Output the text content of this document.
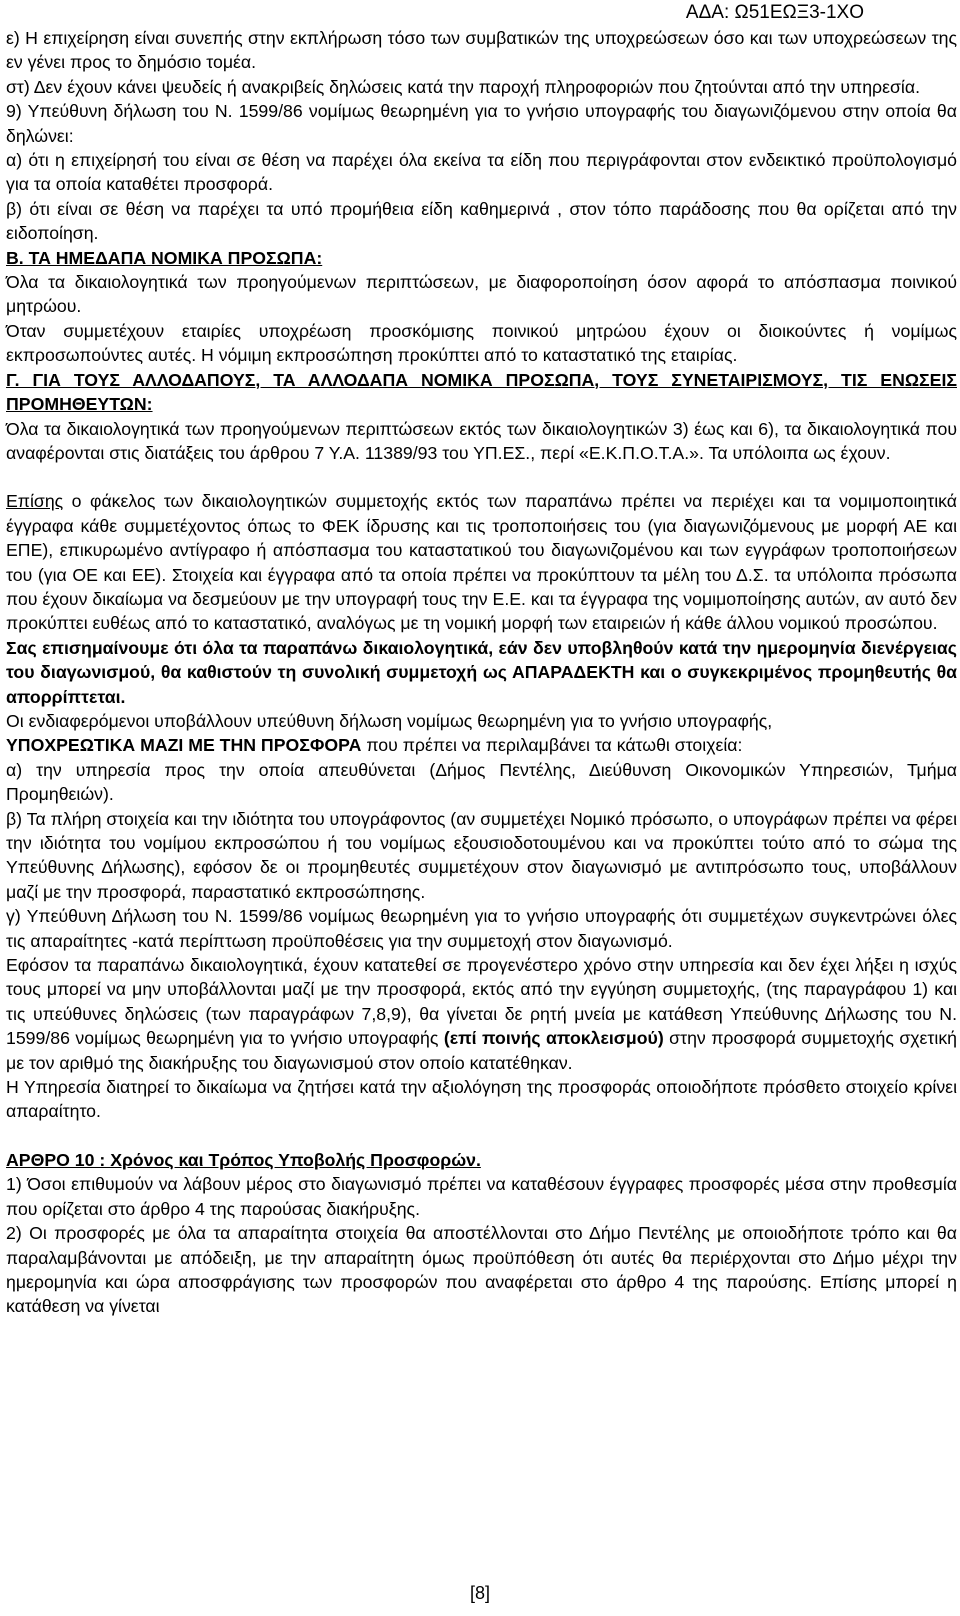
ΑΔΑ: Ω51ΕΩΞ3-1ΧΟ

ε) Η επιχείρηση είναι συνεπής στην εκπλήρωση τόσο των συμβατικών της υποχρεώσεων όσο και των υποχρεώσεων της εν γένει προς το δημόσιο τομέα.

στ) Δεν έχουν κάνει ψευδείς ή ανακριβείς δηλώσεις κατά την παροχή πληροφοριών που ζητούνται από την υπηρεσία.

9) Υπεύθυνη δήλωση του Ν. 1599/86 νομίμως θεωρημένη για το γνήσιο υπογραφής του διαγωνιζόμενου στην οποία θα δηλώνει:

α) ότι η επιχείρησή του είναι σε θέση να παρέχει όλα εκείνα τα είδη που περιγράφονται στον ενδεικτικό προϋπολογισμό για τα οποία καταθέτει προσφορά.

β) ότι είναι σε θέση να παρέχει τα υπό προμήθεια είδη καθημερινά , στον τόπο παράδοσης που θα ορίζεται από την ειδοποίηση.

Β. ΤΑ ΗΜΕΔΑΠΑ ΝΟΜΙΚΑ ΠΡΟΣΩΠΑ:

Όλα τα δικαιολογητικά των προηγούμενων περιπτώσεων, με διαφοροποίηση όσον αφορά το απόσπασμα ποινικού μητρώου.

Όταν συμμετέχουν εταιρίες υποχρέωση προσκόμισης ποινικού μητρώου έχουν οι διοικούντες ή νομίμως εκπροσωπούντες αυτές. Η νόμιμη εκπροσώπηση προκύπτει από το καταστατικό της εταιρίας.

Γ. ΓΙΑ ΤΟΥΣ ΑΛΛΟΔΑΠΟΥΣ, ΤΑ ΑΛΛΟΔΑΠΑ ΝΟΜΙΚΑ ΠΡΟΣΩΠΑ, ΤΟΥΣ ΣΥΝΕΤΑΙΡΙΣΜΟΥΣ, ΤΙΣ ΕΝΩΣΕΙΣ ΠΡΟΜΗΘΕΥΤΩΝ:

Όλα τα δικαιολογητικά των προηγούμενων περιπτώσεων εκτός των δικαιολογητικών 3) έως και 6), τα δικαιολογητικά που αναφέρονται στις διατάξεις του άρθρου 7 Υ.Α. 11389/93 του ΥΠ.ΕΣ., περί «Ε.Κ.Π.Ο.Τ.Α.». Τα υπόλοιπα ως έχουν.

Επίσης ο φάκελος των δικαιολογητικών συμμετοχής εκτός των παραπάνω πρέπει να περιέχει και τα νομιμοποιητικά έγγραφα κάθε συμμετέχοντος όπως το ΦΕΚ ίδρυσης και τις τροποποιήσεις του (για διαγωνιζόμενους με μορφή ΑΕ και ΕΠΕ), επικυρωμένο αντίγραφο ή απόσπασμα του καταστατικού του διαγωνιζομένου και των εγγράφων τροποποιήσεων του (για ΟΕ και ΕΕ). Στοιχεία και έγγραφα από τα οποία πρέπει να προκύπτουν τα μέλη του Δ.Σ. τα υπόλοιπα πρόσωπα που έχουν δικαίωμα να δεσμεύουν με την υπογραφή τους την Ε.Ε. και τα έγγραφα της νομιμοποίησης αυτών, αν αυτό δεν προκύπτει ευθέως από το καταστατικό, αναλόγως με τη νομική μορφή των εταιρειών ή κάθε άλλου νομικού προσώπου.

Σας επισημαίνουμε ότι όλα τα παραπάνω δικαιολογητικά, εάν δεν υποβληθούν κατά την ημερομηνία διενέργειας του διαγωνισμού, θα καθιστούν τη συνολική συμμετοχή ως ΑΠΑΡΑΔΕΚΤΗ και ο συγκεκριμένος προμηθευτής θα απορρίπτεται.

Οι ενδιαφερόμενοι υποβάλλουν υπεύθυνη δήλωση νομίμως θεωρημένη για το γνήσιο υπογραφής,

ΥΠΟΧΡΕΩΤΙΚΑ ΜΑΖΙ ΜΕ ΤΗΝ ΠΡΟΣΦΟΡΑ που πρέπει να περιλαμβάνει τα κάτωθι στοιχεία:

α) την υπηρεσία προς την οποία απευθύνεται (Δήμος Πεντέλης, Διεύθυνση Οικονομικών Υπηρεσιών, Τμήμα Προμηθειών).

β) Τα πλήρη στοιχεία και την ιδιότητα του υπογράφοντος (αν συμμετέχει Νομικό πρόσωπο, ο υπογράφων πρέπει να φέρει την ιδιότητα του νομίμου εκπροσώπου ή του νομίμως εξουσιοδοτουμένου και να προκύπτει τούτο από το σώμα της Υπεύθυνης Δήλωσης), εφόσον δε οι προμηθευτές συμμετέχουν στον διαγωνισμό με αντιπρόσωπο τους, υποβάλλουν μαζί με την προσφορά, παραστατικό εκπροσώπησης.

γ) Υπεύθυνη Δήλωση του Ν. 1599/86 νομίμως θεωρημένη για το γνήσιο υπογραφής ότι συμμετέχων συγκεντρώνει όλες τις απαραίτητες -κατά περίπτωση προϋποθέσεις για την συμμετοχή στον διαγωνισμό.

Εφόσον τα παραπάνω δικαιολογητικά, έχουν κατατεθεί σε προγενέστερο χρόνο στην υπηρεσία και δεν έχει λήξει η ισχύς τους μπορεί να μην υποβάλλονται μαζί με την προσφορά, εκτός από την εγγύηση συμμετοχής, (της παραγράφου 1) και τις υπεύθυνες δηλώσεις (των παραγράφων 7,8,9), θα γίνεται δε ρητή μνεία με κατάθεση Υπεύθυνης Δήλωσης του Ν. 1599/86 νομίμως θεωρημένη για το γνήσιο υπογραφής (επί ποινής αποκλεισμού) στην προσφορά συμμετοχής σχετική με τον αριθμό της διακήρυξης του διαγωνισμού στον οποίο κατατέθηκαν.

Η Υπηρεσία διατηρεί το δικαίωμα να ζητήσει κατά την αξιολόγηση της προσφοράς οποιοδήποτε πρόσθετο στοιχείο κρίνει απαραίτητο.

ΑΡΘΡΟ 10 : Χρόνος και Τρόπος Υποβολής Προσφορών.

1) Όσοι επιθυμούν να λάβουν μέρος στο διαγωνισμό πρέπει να καταθέσουν έγγραφες προσφορές μέσα στην προθεσμία που ορίζεται στο άρθρο 4 της παρούσας διακήρυξης.

2) Οι προσφορές με όλα τα απαραίτητα στοιχεία θα αποστέλλονται στο Δήμο Πεντέλης με οποιοδήποτε τρόπο και θα παραλαμβάνονται με απόδειξη, με την απαραίτητη όμως προϋπόθεση ότι αυτές θα περιέρχονται στο Δήμο μέχρι την ημερομηνία και ώρα αποσφράγισης των προσφορών που αναφέρεται στο άρθρο 4 της παρούσης. Επίσης μπορεί η κατάθεση να γίνεται

[8]
